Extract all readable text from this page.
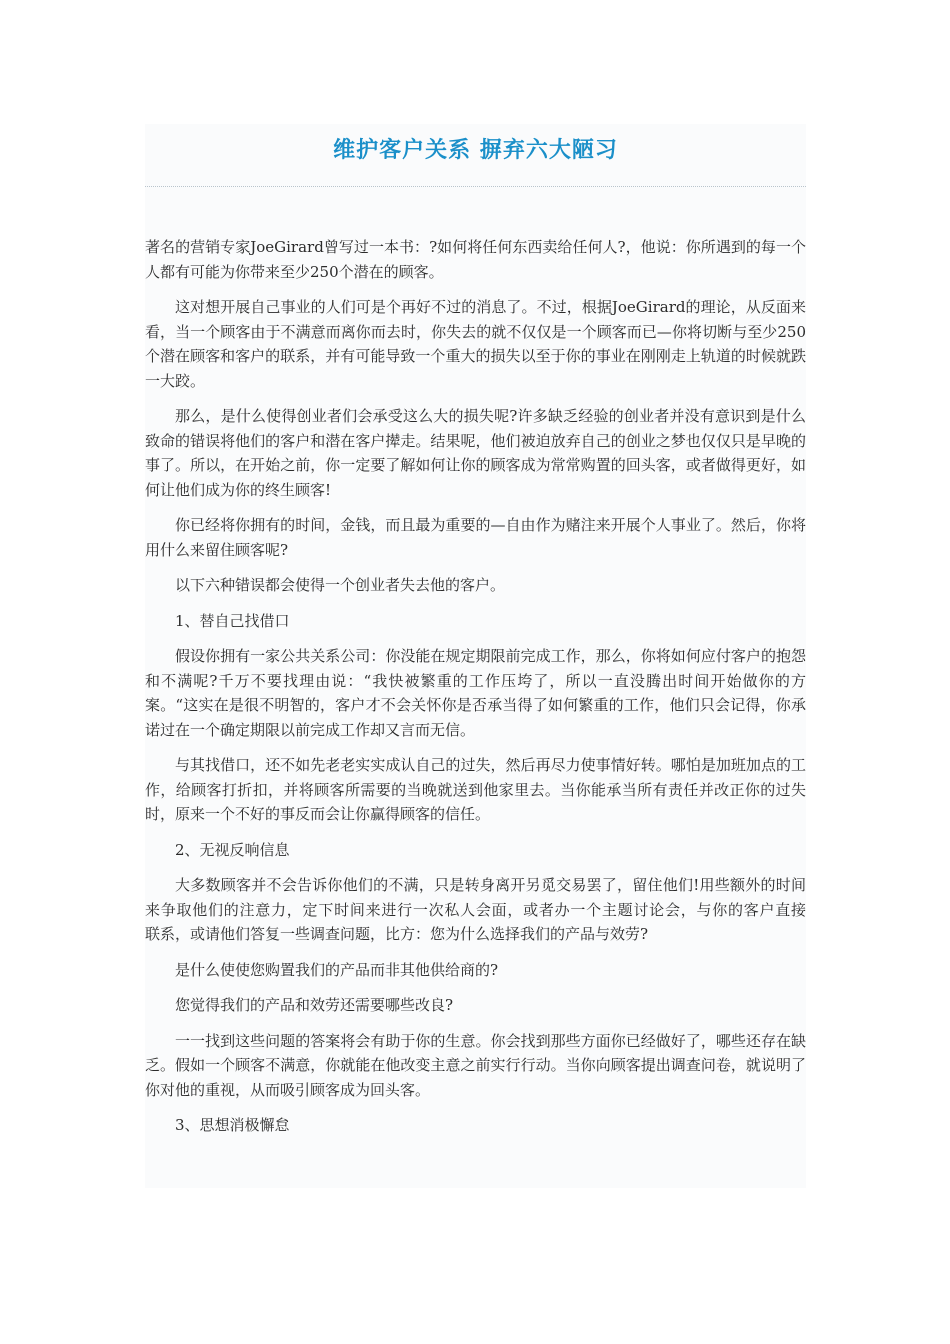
维护客户关系 摒弃六大陋习

著名的营销专家JoeGirard曾写过一本书：?如何将任何东西卖给任何人?，他说：你所遇到的每一个人都有可能为你带来至少250个潜在的顾客。

这对想开展自己事业的人们可是个再好不过的消息了。不过，根据JoeGirard的理论，从反面来看，当一个顾客由于不满意而离你而去时，你失去的就不仅仅是一个顾客而已—你将切断与至少250个潜在顾客和客户的联系，并有可能导致一个重大的损失以至于你的事业在刚刚走上轨道的时候就跌一大跤。

那么，是什么使得创业者们会承受这么大的损失呢?许多缺乏经验的创业者并没有意识到是什么致命的错误将他们的客户和潜在客户撵走。结果呢，他们被迫放弃自己的创业之梦也仅仅只是早晚的事了。所以，在开始之前，你一定要了解如何让你的顾客成为常常购置的回头客，或者做得更好，如何让他们成为你的终生顾客!

你已经将你拥有的时间，金钱，而且最为重要的—自由作为赌注来开展个人事业了。然后，你将用什么来留住顾客呢?

以下六种错误都会使得一个创业者失去他的客户。

1、替自己找借口

假设你拥有一家公共关系公司：你没能在规定期限前完成工作，那么，你将如何应付客户的抱怨和不满呢?千万不要找理由说：“我快被繁重的工作压垮了，所以一直没腾出时间开始做你的方案。“这实在是很不明智的，客户才不会关怀你是否承当得了如何繁重的工作，他们只会记得，你承诺过在一个确定期限以前完成工作却又言而无信。

与其找借口，还不如先老老实实成认自己的过失，然后再尽力使事情好转。哪怕是加班加点的工作，给顾客打折扣，并将顾客所需要的当晚就送到他家里去。当你能承当所有责任并改正你的过失时，原来一个不好的事反而会让你赢得顾客的信任。

2、无视反响信息

大多数顾客并不会告诉你他们的不满，只是转身离开另觅交易罢了，留住他们!用些额外的时间来争取他们的注意力，定下时间来进行一次私人会面，或者办一个主题讨论会，与你的客户直接　 联系，或请他们答复一些调查问题，比方：您为什么选择我们的产品与效劳?

是什么使使您购置我们的产品而非其他供给商的?

您觉得我们的产品和效劳还需要哪些改良?

一一找到这些问题的答案将会有助于你的生意。你会找到那些方面你已经做好了，哪些还存在缺乏。假如一个顾客不满意，你就能在他改变主意之前实行行动。当你向顾客提出调查问卷，就说明了你对他的重视，从而吸引顾客成为回头客。

3、思想消极懈怠
